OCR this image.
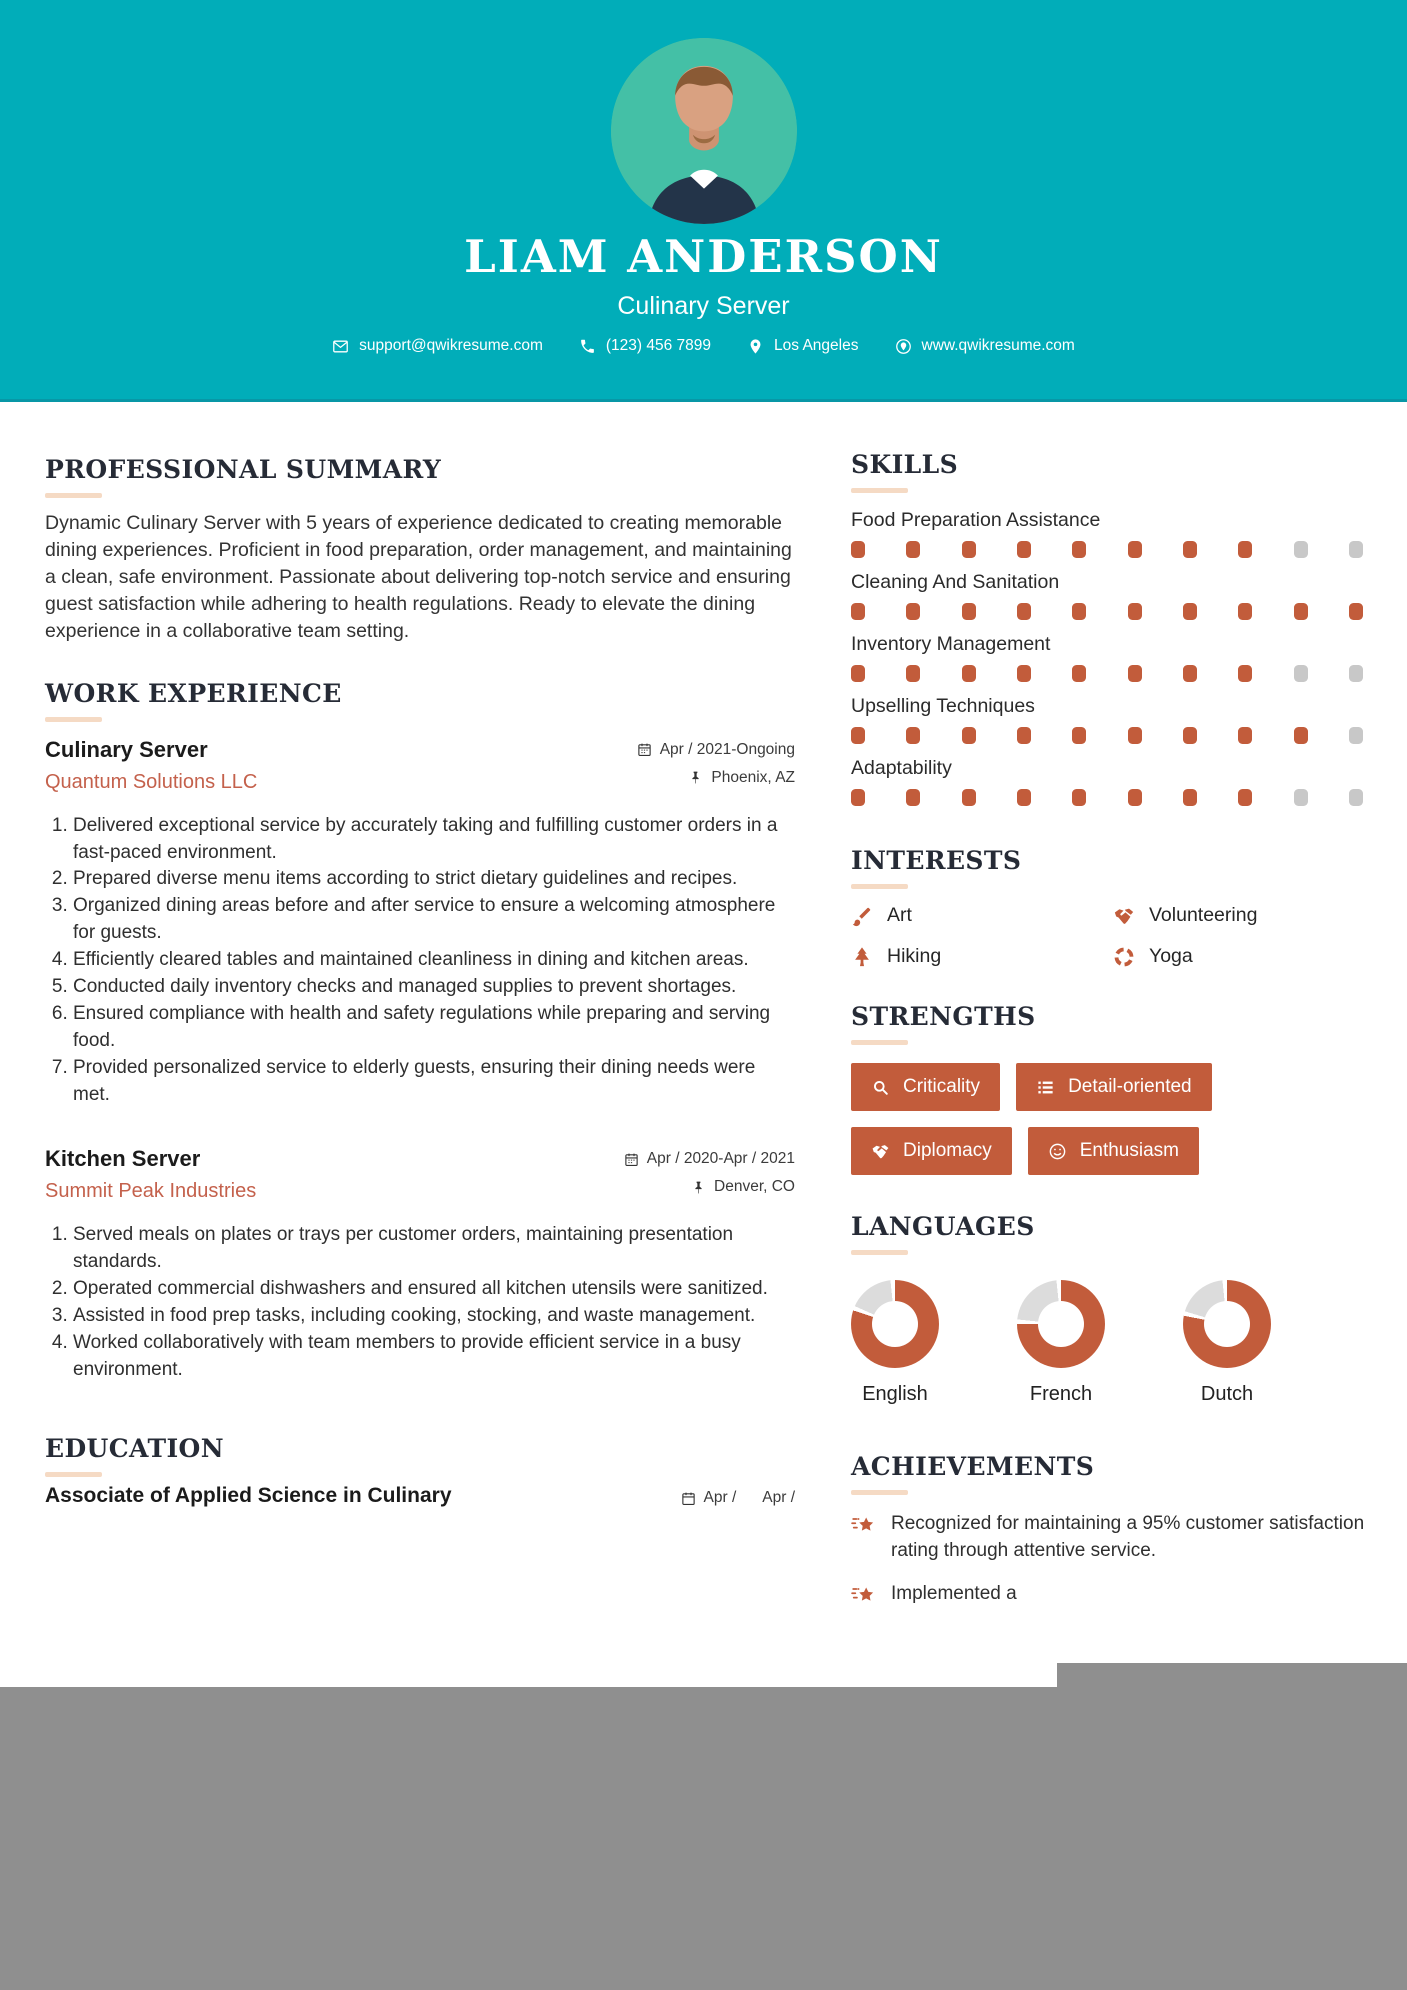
LIAM ANDERSON
Culinary Server
support@qwikresume.com	(123) 456 7899	Los Angeles	www.qwikresume.com
PROFESSIONAL SUMMARY
Dynamic Culinary Server with 5 years of experience dedicated to creating memorable dining experiences. Proficient in food preparation, order management, and maintaining a clean, safe environment. Passionate about delivering top-notch service and ensuring guest satisfaction while adhering to health regulations. Ready to elevate the dining experience in a collaborative team setting.
WORK EXPERIENCE
Culinary Server
Quantum Solutions LLC
Apr / 2021-Ongoing
Phoenix, AZ
1. Delivered exceptional service by accurately taking and fulfilling customer orders in a fast-paced environment.
2. Prepared diverse menu items according to strict dietary guidelines and recipes.
3. Organized dining areas before and after service to ensure a welcoming atmosphere for guests.
4. Efficiently cleared tables and maintained cleanliness in dining and kitchen areas.
5. Conducted daily inventory checks and managed supplies to prevent shortages.
6. Ensured compliance with health and safety regulations while preparing and serving food.
7. Provided personalized service to elderly guests, ensuring their dining needs were met.
Kitchen Server
Summit Peak Industries
Apr / 2020-Apr / 2021
Denver, CO
1. Served meals on plates or trays per customer orders, maintaining presentation standards.
2. Operated commercial dishwashers and ensured all kitchen utensils were sanitized.
3. Assisted in food prep tasks, including cooking, stocking, and waste management.
4. Worked collaboratively with team members to provide efficient service in a busy environment.
EDUCATION
Associate of Applied Science in Culinary	Apr / Apr /
SKILLS
Food Preparation Assistance
Cleaning And Sanitation
Inventory Management
Upselling Techniques
Adaptability
INTERESTS
Art	Volunteering
Hiking	Yoga
STRENGTHS
Criticality	Detail-oriented
Diplomacy	Enthusiasm
LANGUAGES
English	French	Dutch
ACHIEVEMENTS
Recognized for maintaining a 95% customer satisfaction rating through attentive service.
Implemented a
